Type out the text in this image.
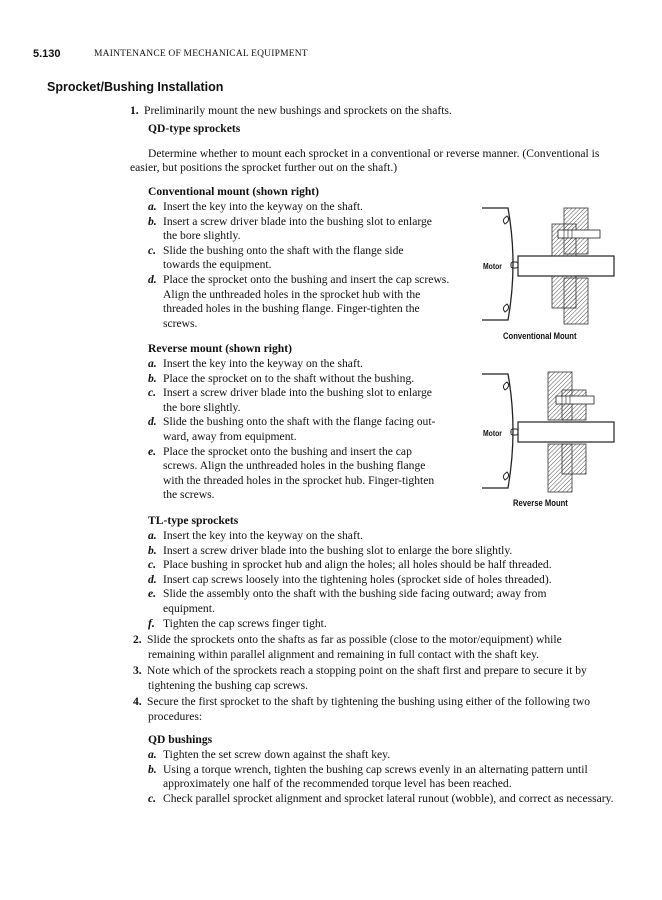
5.130	MAINTENANCE OF MECHANICAL EQUIPMENT
Sprocket/Bushing Installation
1. Preliminarily mount the new bushings and sprockets on the shafts.
QD-type sprockets
Determine whether to mount each sprocket in a conventional or reverse manner. (Conventional is
easier, but positions the sprocket further out on the shaft.)
Conventional mount (shown right)
a. Insert the key into the keyway on the shaft.
b. Insert a screw driver blade into the bushing slot to enlarge
the bore slightly.
c. Slide the bushing onto the shaft with the flange side
towards the equipment.
d. Place the sprocket onto the bushing and insert the cap screws.
Align the unthreaded holes in the sprocket hub with the
threaded holes in the bushing flange. Finger-tighten the
screws.
Reverse mount (shown right)
a. Insert the key into the keyway on the shaft.
b. Place the sprocket on to the shaft without the bushing.
c. Insert a screw driver blade into the bushing slot to enlarge
the bore slightly.
d. Slide the bushing onto the shaft with the flange facing out-
ward, away from equipment.
e. Place the sprocket onto the bushing and insert the cap
screws. Align the unthreaded holes in the bushing flange
with the threaded holes in the sprocket hub. Finger-tighten
the screws.
TL-type sprockets
a. Insert the key into the keyway on the shaft.
b. Insert a screw driver blade into the bushing slot to enlarge the bore slightly.
c. Place bushing in sprocket hub and align the holes; all holes should be half threaded.
d. Insert cap screws loosely into the tightening holes (sprocket side of holes threaded).
e. Slide the assembly onto the shaft with the bushing side facing outward; away from
equipment.
f. Tighten the cap screws finger tight.
2. Slide the sprockets onto the shafts as far as possible (close to the motor/equipment) while
remaining within parallel alignment and remaining in full contact with the shaft key.
3. Note which of the sprockets reach a stopping point on the shaft first and prepare to secure it by
tightening the bushing cap screws.
4. Secure the first sprocket to the shaft by tightening the bushing using either of the following two
procedures:
QD bushings
a. Tighten the set screw down against the shaft key.
b. Using a torque wrench, tighten the bushing cap screws evenly in an alternating pattern until
approximately one half of the recommended torque level has been reached.
c. Check parallel sprocket alignment and sprocket lateral runout (wobble), and correct as necessary.
Motor
Conventional Mount
Motor
Reverse Mount
